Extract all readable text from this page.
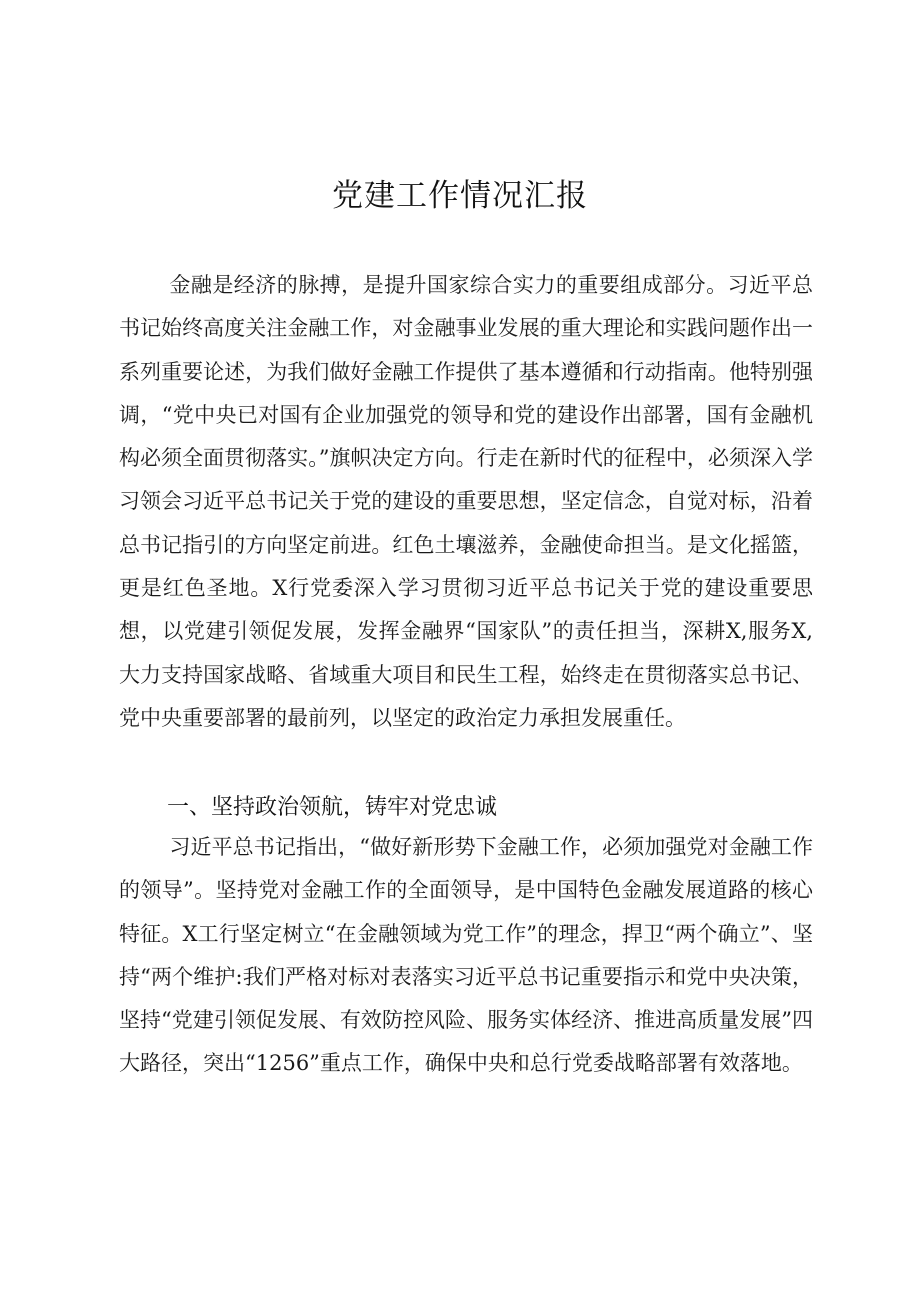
党建工作情况汇报

金融是经济的脉搏，是提升国家综合实力的重要组成部分。习近平总书记始终高度关注金融工作，对金融事业发展的重大理论和实践问题作出一系列重要论述，为我们做好金融工作提供了基本遵循和行动指南。他特别强调，“党中央已对国有企业加强党的领导和党的建设作出部署，国有金融机构必须全面贯彻落实。”旗帜决定方向。行走在新时代的征程中，必须深入学习领会习近平总书记关于党的建设的重要思想，坚定信念，自觉对标，沿着总书记指引的方向坚定前进。红色土壤滋养，金融使命担当。是文化摇篮，更是红色圣地。X行党委深入学习贯彻习近平总书记关于党的建设重要思想，以党建引领促发展，发挥金融界“国家队”的责任担当，深耕X,服务X,大力支持国家战略、省域重大项目和民生工程，始终走在贯彻落实总书记、党中央重要部署的最前列，以坚定的政治定力承担发展重任。

一、坚持政治领航，铸牢对党忠诚

习近平总书记指出，“做好新形势下金融工作，必须加强党对金融工作的领导”。坚持党对金融工作的全面领导，是中国特色金融发展道路的核心特征。X工行坚定树立“在金融领域为党工作”的理念，捍卫“两个确立”、坚持“两个维护:我们严格对标对表落实习近平总书记重要指示和党中央决策，坚持“党建引领促发展、有效防控风险、服务实体经济、推进高质量发展”四大路径，突出“1256”重点工作，确保中央和总行党委战略部署有效落地。
